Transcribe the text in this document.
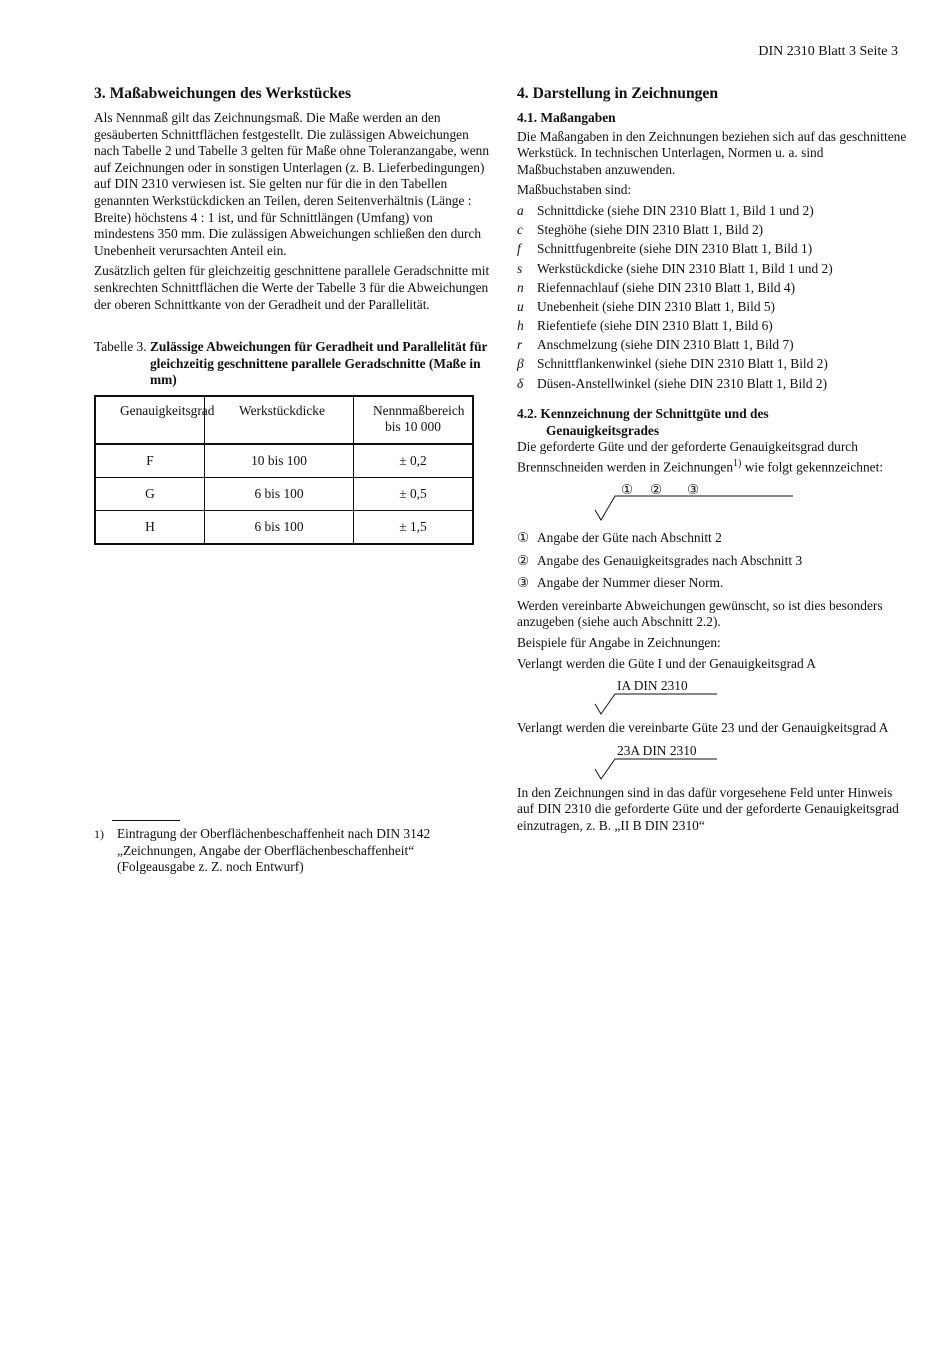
DIN 2310 Blatt 3 Seite 3
3. Maßabweichungen des Werkstückes

Als Nennmaß gilt das Zeichnungsmaß. Die Maße werden an den gesäuberten Schnittflächen festgestellt. Die zulässigen Abweichungen nach Tabelle 2 und Tabelle 3 gelten für Maße ohne Toleranzangabe, wenn auf Zeichnungen oder in sonstigen Unterlagen (z. B. Lieferbedingungen) auf DIN 2310 verwiesen ist. Sie gelten nur für die in den Tabellen genannten Werkstückdicken an Teilen, deren Seitenverhältnis (Länge : Breite) höchstens 4 : 1 ist, und für Schnittlängen (Umfang) von mindestens 350 mm. Die zulässigen Abweichungen schließen den durch Unebenheit verursachten Anteil ein.

Zusätzlich gelten für gleichzeitig geschnittene parallele Geradschnitte mit senkrechten Schnittflächen die Werte der Tabelle 3 für die Abweichungen der oberen Schnittkante von der Geradheit und der Parallelität.

Tabelle 3.
Zulässige Abweichungen für Geradheit und Parallelität für gleichzeitig geschnittene parallele Geradschnitte (Maße in mm)
Genauigkeitsgrad	Werkstückdicke	Nennmaßbereich bis 10 000
F	10 bis 100	± 0,2
G	6 bis 100	± 0,5
H	6 bis 100	± 1,5
1) Eintragung der Oberflächenbeschaffenheit nach DIN 3142 „Zeichnungen, Angabe der Oberflächenbeschaffenheit“ (Folgeausgabe z. Z. noch Entwurf)
4. Darstellung in Zeichnungen

4.1. Maßangaben

Die Maßangaben in den Zeichnungen beziehen sich auf das geschnittene Werkstück. In technischen Unterlagen, Normen u. a. sind Maßbuchstaben anzuwenden.

Maßbuchstaben sind:

a Schnittdicke (siehe DIN 2310 Blatt 1, Bild 1 und 2)
c	Steghöhe (siehe DIN 2310 Blatt 1, Bild 2)
f	Schnittfugenbreite (siehe DIN 2310 Blatt 1, Bild 1)
s	Werkstückdicke (siehe DIN 2310 Blatt 1, Bild 1 und 2)
n Riefennachlauf (siehe DIN 2310 Blatt 1, Bild 4)
u Unebenheit (siehe DIN 2310 Blatt 1, Bild 5)
h Riefentiefe (siehe DIN 2310 Blatt 1, Bild 6)
r	Anschmelzung (siehe DIN 2310 Blatt 1, Bild 7)
β Schnittflankenwinkel (siehe DIN 2310 Blatt 1, Bild 2)
δ	Düsen-Anstellwinkel (siehe DIN 2310 Blatt 1, Bild 2)

4.2. Kennzeichnung der Schnittgüte und des
Genauigkeitsgrades

Die geforderte Güte und der geforderte Genauigkeitsgrad durch Brennschneiden werden in Zeichnungen$^{1)}$ wie folgt gekennzeichnet:

① ② ③
① Angabe der Güte nach Abschnitt 2
② Angabe des Genauigkeitsgrades nach Abschnitt 3
③ Angabe der Nummer dieser Norm.

Werden vereinbarte Abweichungen gewünscht, so ist dies besonders anzugeben (siehe auch Abschnitt 2.2).

Beispiele für Angabe in Zeichnungen:

Verlangt werden die Güte I und der Genauigkeitsgrad A

IA DIN 2310

Verlangt werden die vereinbarte Güte 23 und der Genauigkeitsgrad A

23A DIN 2310

In den Zeichnungen sind in das dafür vorgesehene Feld unter Hinweis auf DIN 2310 die geforderte Güte und der geforderte Genauigkeitsgrad einzutragen, z. B. „II B DIN 2310“
